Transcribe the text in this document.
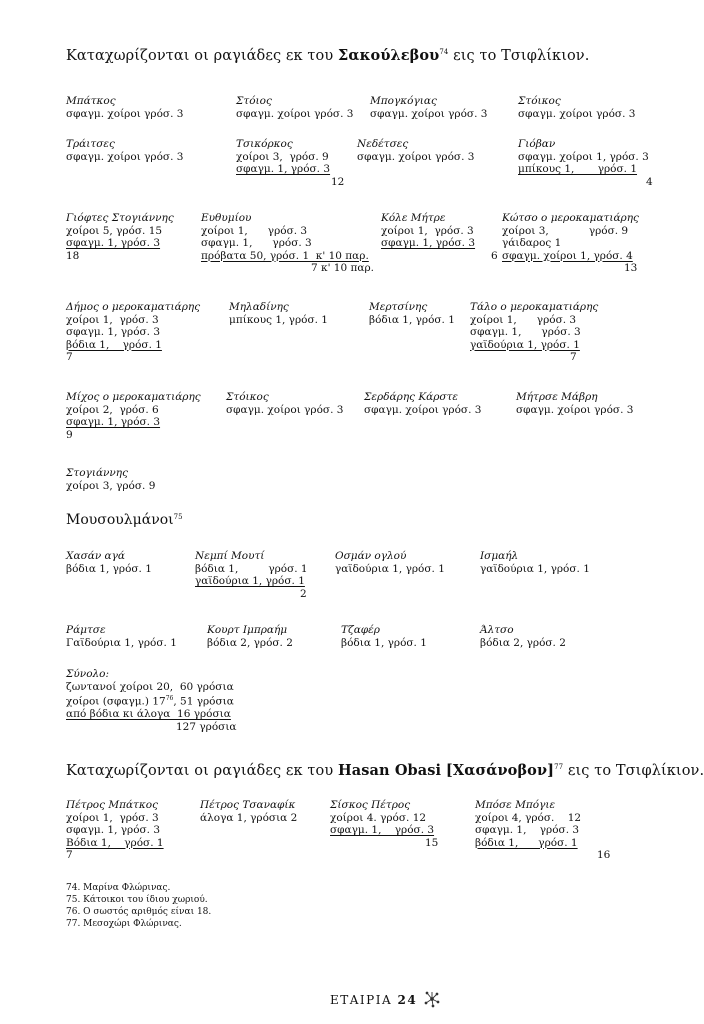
Καταχωρίζονται οι ραγιάδες εκ του Σακούλεβου$^{74}$ εις το Τσιφλίκιον.
Μπάτκος
σφαγμ. χοίροι γρόσ. 3
Στόιος
σφαγμ. χοίροι γρόσ. 3
Μπογκόγιας
σφαγμ. χοίροι γρόσ. 3
Στόικος
σφαγμ. χοίροι γρόσ. 3
Τράιτσες
σφαγμ. χοίροι γρόσ. 3
Τσικόρκος
χοίροι 3,  γρόσ. 9
σφαγμ. 1, γρόσ. 3

12
Νεδέτσες
σφαγμ. χοίροι γρόσ. 3
Γιόβαν
σφαγμ. χοίροι 1, γρόσ. 3
μπίκους 1,       γρόσ. 1

4
Γιόφτες Στογιάννης
χοίροι 5, γρόσ. 15
σφαγμ. 1, γρόσ. 3

18
Ευθυμίου
χοίροι 1,      γρόσ. 3
σφαγμ. 1,      γρόσ. 3
πρόβατα 50, γρόσ. 1  κ' 10 παρ.

7 κ' 10 παρ.
Κόλε Μήτρε
χοίροι 1,  γρόσ. 3
σφαγμ. 1, γρόσ. 3

6
Κώτσο ο μεροκαματιάρης
χοίροι 3,            γρόσ. 9
γάιδαρος 1
σφαγμ. χοίροι 1, γρόσ. 4

13
Δήμος ο μεροκαματιάρης
χοίροι 1,  γρόσ. 3
σφαγμ. 1, γρόσ. 3
βόδια 1,    γρόσ. 1

7
Μηλαδίνης
μπίκους 1, γρόσ. 1
Μερτσίνης
βόδια 1, γρόσ. 1
Τάλο ο μεροκαματιάρης
χοίροι 1,      γρόσ. 3
σφαγμ. 1,      γρόσ. 3
γαϊδούρια 1, γρόσ. 1

7
Μίχος ο μεροκαματιάρης
χοίροι 2,  γρόσ. 6
σφαγμ. 1, γρόσ. 3

9
Στόικος
σφαγμ. χοίροι γρόσ. 3
Σερδάρης Κάρστε
σφαγμ. χοίροι γρόσ. 3
Μήτρσε Μάβρη
σφαγμ. χοίροι γρόσ. 3
Στογιάννης
χοίροι 3, γρόσ. 9
Μουσουλμάνοι$^{75}$
Χασάν αγά
βόδια 1, γρόσ. 1
Νεμπί Μουτί
βόδια 1,         γρόσ. 1
γαϊδούρια 1, γρόσ. 1

2
Οσμάν ογλού
γαϊδούρια 1, γρόσ. 1
Ισμαήλ
γαϊδούρια 1, γρόσ. 1
Ράμτσε
Γαϊδούρια 1, γρόσ. 1
Κουρτ Ιμπραήμ
βόδια 2, γρόσ. 2
Τζαφέρ
βόδια 1, γρόσ. 1
Άλτσο
βόδια 2, γρόσ. 2
Σύνολο:
ζωντανοί χοίροι 20,  60 γρόσια
χοίροι (σφαγμ.) $17^{76}$, 51 γρόσια
από βόδια κι άλογα  16 γρόσια
127 γρόσια
Καταχωρίζονται οι ραγιάδες εκ του Hasan Obasi $[X\alpha\sigma ά\nu o\beta o\nu]^{77}$ εις το Τσιφλίκιον.
Πέτρος Μπάτκος
χοίροι 1,  γρόσ. 3
σφαγμ. 1, γρόσ. 3
Βόδια 1,    γρόσ. 1

7
Πέτρος Τσαναφίκ
άλογα 1, γρόσια 2
Σίσκος Πέτρος
χοίροι 4. γρόσ. 12
σφαγμ. 1,    γρόσ. 3

15
Μπόσε Μπόγιε
χοίροι 4, γρόσ.    12
σφαγμ. 1,    γρόσ. 3
βόδια 1,      γρόσ. 1

16
74. Μαρίνα Φλώρινας.
75. Κάτοικοι του ίδιου χωριού.
76. Ο σωστός αριθμός είναι 18.
77. Μεσοχώρι Φλώρινας.
ΕΤΑΙΡΙΑ 24
